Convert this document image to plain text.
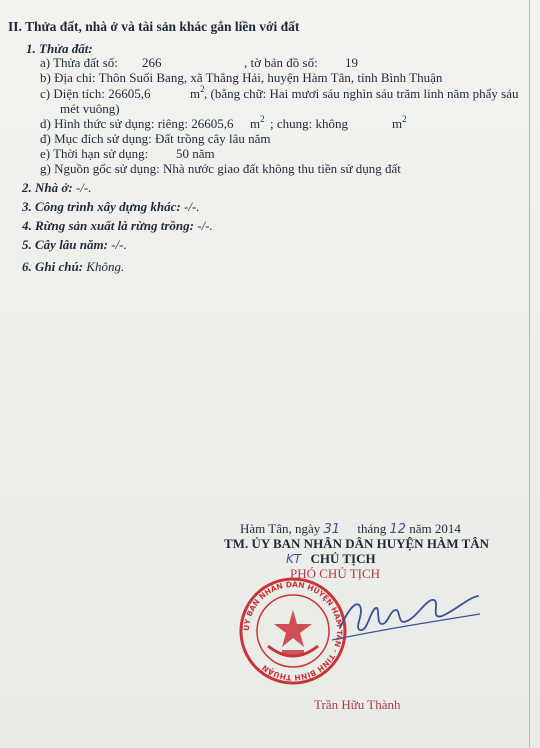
II. Thửa đất, nhà ở và tài sản khác gắn liền với đất
1. Thửa đất:
a) Thửa đất số: 266	, tờ bản đồ số: 19
b) Địa chỉ: Thôn Suối Bang, xã Thắng Hải, huyện Hàm Tân, tỉnh Bình Thuận
c) Diện tích: 26605,6	$m^2$ , (bằng chữ: Hai mươi sáu nghìn sáu trăm linh năm phẩy sáu
mét vuông)
d) Hình thức sử dụng: riêng: 26605,6 $m^2$ ; chung: không	$m^2$
đ) Mục đích sử dụng: Đất trồng cây lâu năm
e) Thời hạn sử dụng: 50 năm
g) Nguồn gốc sử dụng: Nhà nước giao đất không thu tiền sử dụng đất
2. Nhà ở: -/-.
3. Công trình xây dựng khác: -/-.
4. Rừng sản xuất là rừng trồng: -/-.
5. Cây lâu năm: -/-.
6. Ghi chú: Không.
Hàm Tân, ngày 31 tháng 12 năm 2014
TM. ỦY BAN NHÂN DÂN HUYỆN HÀM TÂN
KT CHỦ TỊCH
PHÓ CHỦ TỊCH
ỦY BAN NHÂN DÂN HUYỆN HÀM TÂN · TỈNH BÌNH THUẬN
Trần Hữu Thành
